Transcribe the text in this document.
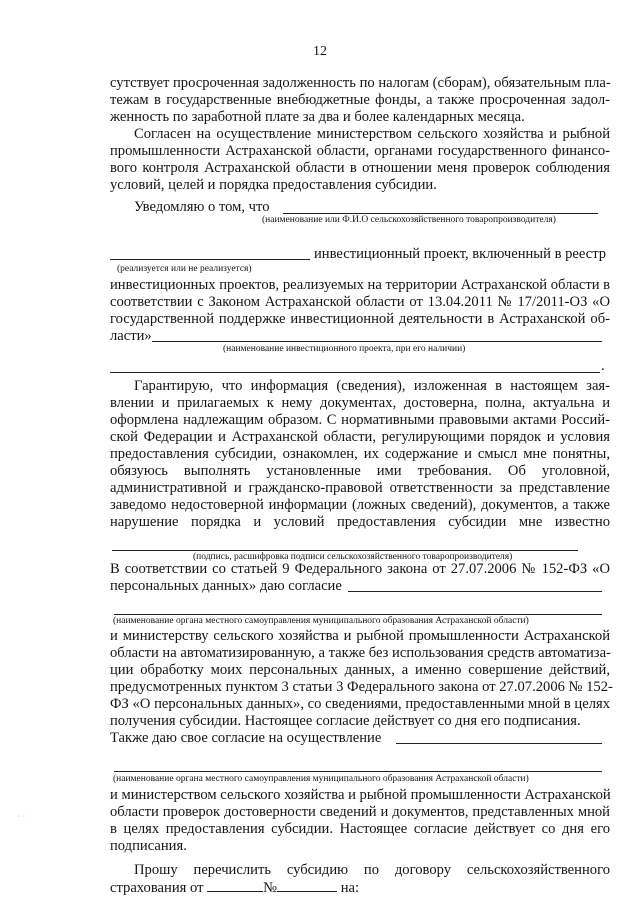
12
сутствует просроченная задолженность по налогам (сборам), обязательным пла-
тежам в государственные внебюджетные фонды, а также просроченная задол-
женность по заработной плате за два и более календарных месяца.
Согласен на осуществление министерством сельского хозяйства и рыбной
промышленности Астраханской области, органами государственного финансо-
вого контроля Астраханской области в отношении меня проверок соблюдения
условий, целей и порядка предоставления субсидии.
Уведомляю о том, что
(наименование или Ф.И.О сельскохозяйственного товаропроизводителя)
инвестиционный проект, включенный в реестр
(реализуется или не реализуется)
инвестиционных проектов, реализуемых на территории Астраханской области в
соответствии с Законом Астраханской области от 13.04.2011 № 17/2011-ОЗ «О
государственной поддержке инвестиционной деятельности в Астраханской об-
ласти»
(наименование инвестиционного проекта, при его наличии)
.
Гарантирую, что информация (сведения), изложенная в настоящем зая-
влении и прилагаемых к нему документах, достоверна, полна, актуальна и
оформлена надлежащим образом. С нормативными правовыми актами Россий-
ской Федерации и Астраханской области, регулирующими порядок и условия
предоставления субсидии, ознакомлен, их содержание и смысл мне понятны,
обязуюсь выполнять установленные ими требования. Об уголовной,
административной и гражданско-правовой ответственности за представление
заведомо недостоверной информации (ложных сведений), документов, а также
нарушение порядка и условий предоставления субсидии мне известно
(подпись, расшифровка подписи сельскохозяйственного товаропроизводителя)
В соответствии со статьей 9 Федерального закона от 27.07.2006 № 152-ФЗ «О
персональных данных» даю согласие
(наименование органа местного самоуправления муниципального образования Астраханской области)
и министерству сельского хозяйства и рыбной промышленности Астраханской
области на автоматизированную, а также без использования средств автоматиза-
ции обработку моих персональных данных, а именно совершение действий,
предусмотренных пунктом 3 статьи 3 Федерального закона от 27.07.2006 № 152-
ФЗ «О персональных данных», со сведениями, предоставленными мной в целях
получения субсидии. Настоящее согласие действует со дня его подписания.
Также даю свое согласие на осуществление
(наименование органа местного самоуправления муниципального образования Астраханской области)
и министерством сельского хозяйства и рыбной промышленности Астраханской
области проверок достоверности сведений и документов, представленных мной
в целях предоставления субсидии. Настоящее согласие действует со дня его
подписания.
Прошу перечислить субсидию по договору сельскохозяйственного
страхования от	№	на:
· ·
